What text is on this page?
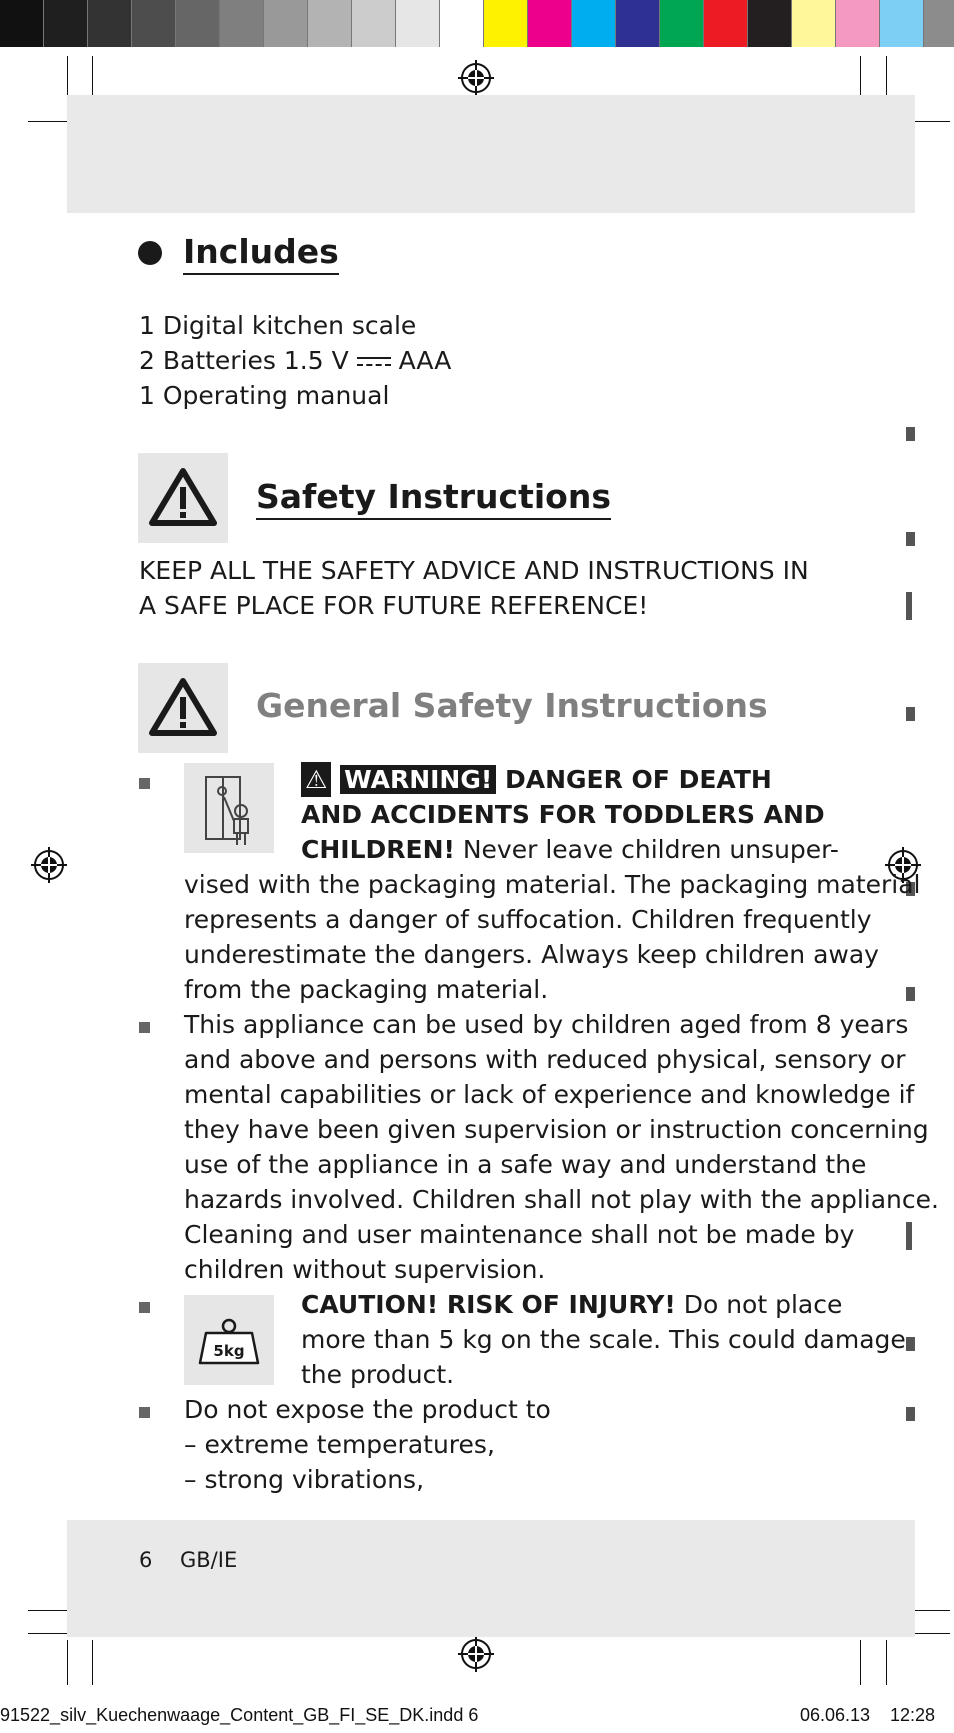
Includes
1 Digital kitchen scale
2 Batteries 1.5 V AAA
1 Operating manual
Safety Instructions
KEEP ALL THE SAFETY ADVICE AND INSTRUCTIONS IN
A SAFE PLACE FOR FUTURE REFERENCE!
General Safety Instructions
⚠ WARNING! DANGER OF DEATH
AND ACCIDENTS FOR TODDLERS AND
CHILDREN! Never leave children unsuper-
vised with the packaging material. The packaging material
represents a danger of suffocation. Children frequently
underestimate the dangers. Always keep children away
from the packaging material.
This appliance can be used by children aged from 8 years
and above and persons with reduced physical, sensory or
mental capabilities or lack of experience and knowledge if
they have been given supervision or instruction concerning
use of the appliance in a safe way and understand the
hazards involved. Children shall not play with the appliance.
Cleaning and user maintenance shall not be made by
children without supervision.
5kg
CAUTION! RISK OF INJURY! Do not place
more than 5 kg on the scale. This could damage
the product.
Do not expose the product to
– extreme temperatures,
– strong vibrations,
6 GB/IE
91522_silv_Kuechenwaage_Content_GB_FI_SE_DK.indd 6	06.06.13 12:28
